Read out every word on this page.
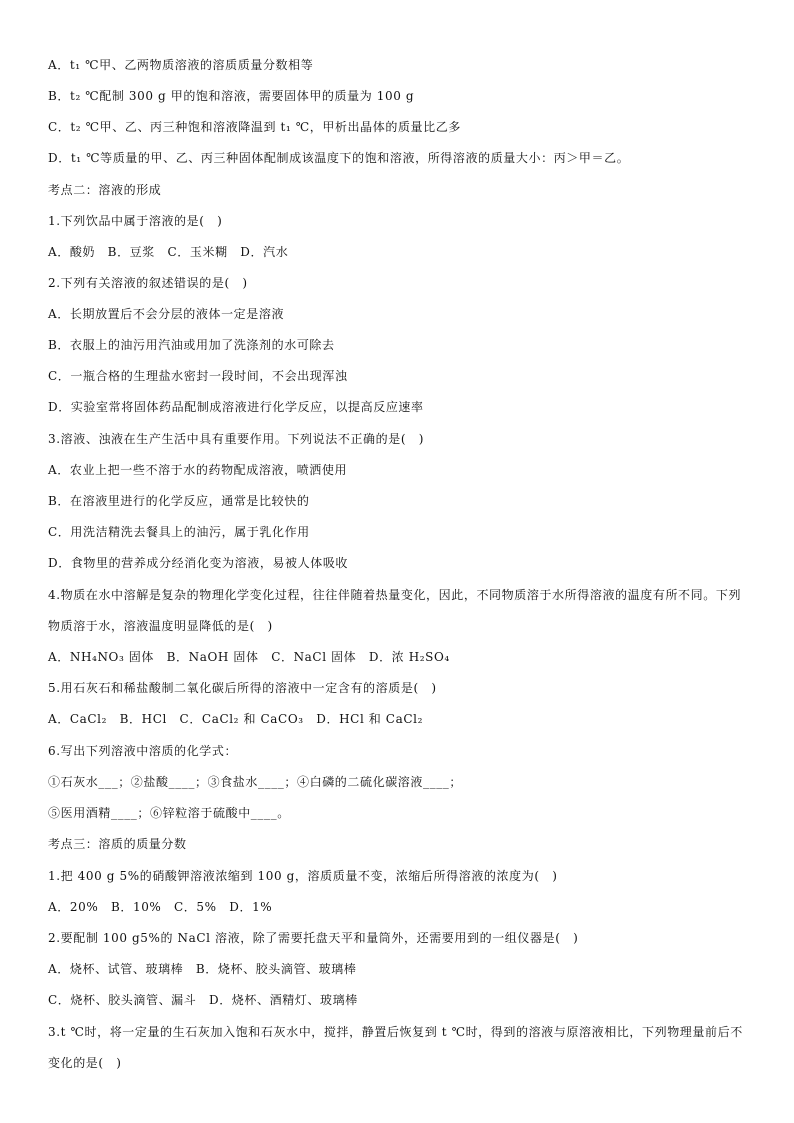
A．t₁ ℃甲、乙两物质溶液的溶质质量分数相等
B．t₂ ℃配制 300 g 甲的饱和溶液，需要固体甲的质量为 100 g
C．t₂ ℃甲、乙、丙三种饱和溶液降温到 t₁ ℃，甲析出晶体的质量比乙多
D．t₁ ℃等质量的甲、乙、丙三种固体配制成该温度下的饱和溶液，所得溶液的质量大小：丙＞甲＝乙。
考点二：溶液的形成
1.下列饮品中属于溶液的是(　)
A．酸奶　B．豆浆　C．玉米糊　D．汽水
2.下列有关溶液的叙述错误的是(　)
A．长期放置后不会分层的液体一定是溶液
B．衣服上的油污用汽油或用加了洗涤剂的水可除去
C．一瓶合格的生理盐水密封一段时间，不会出现浑浊
D．实验室常将固体药品配制成溶液进行化学反应，以提高反应速率
3.溶液、浊液在生产生活中具有重要作用。下列说法不正确的是(　)
A．农业上把一些不溶于水的药物配成溶液，喷洒使用
B．在溶液里进行的化学反应，通常是比较快的
C．用洗洁精洗去餐具上的油污，属于乳化作用
D．食物里的营养成分经消化变为溶液，易被人体吸收
4.物质在水中溶解是复杂的物理化学变化过程，往往伴随着热量变化，因此，不同物质溶于水所得溶液的温度有所不同。下列物质溶于水，溶液温度明显降低的是(　)
A．NH₄NO₃ 固体　B．NaOH 固体　C．NaCl 固体　D．浓 H₂SO₄
5.用石灰石和稀盐酸制二氧化碳后所得的溶液中一定含有的溶质是(　)
A．CaCl₂　B．HCl　C．CaCl₂ 和 CaCO₃　D．HCl 和 CaCl₂
6.写出下列溶液中溶质的化学式：
①石灰水___；②盐酸____；③食盐水____；④白磷的二硫化碳溶液____；
⑤医用酒精____；⑥锌粒溶于硫酸中____。
考点三：溶质的质量分数
1.把 400 g 5%的硝酸钾溶液浓缩到 100 g，溶质质量不变，浓缩后所得溶液的浓度为(　)
A．20%　B．10%　C．5%　D．1%
2.要配制 100 g5%的 NaCl 溶液，除了需要托盘天平和量筒外，还需要用到的一组仪器是(　)
A．烧杯、试管、玻璃棒　B．烧杯、胶头滴管、玻璃棒
C．烧杯、胶头滴管、漏斗　D．烧杯、酒精灯、玻璃棒
3.t ℃时，将一定量的生石灰加入饱和石灰水中，搅拌，静置后恢复到 t ℃时，得到的溶液与原溶液相比，下列物理量前后不变化的是(　)
